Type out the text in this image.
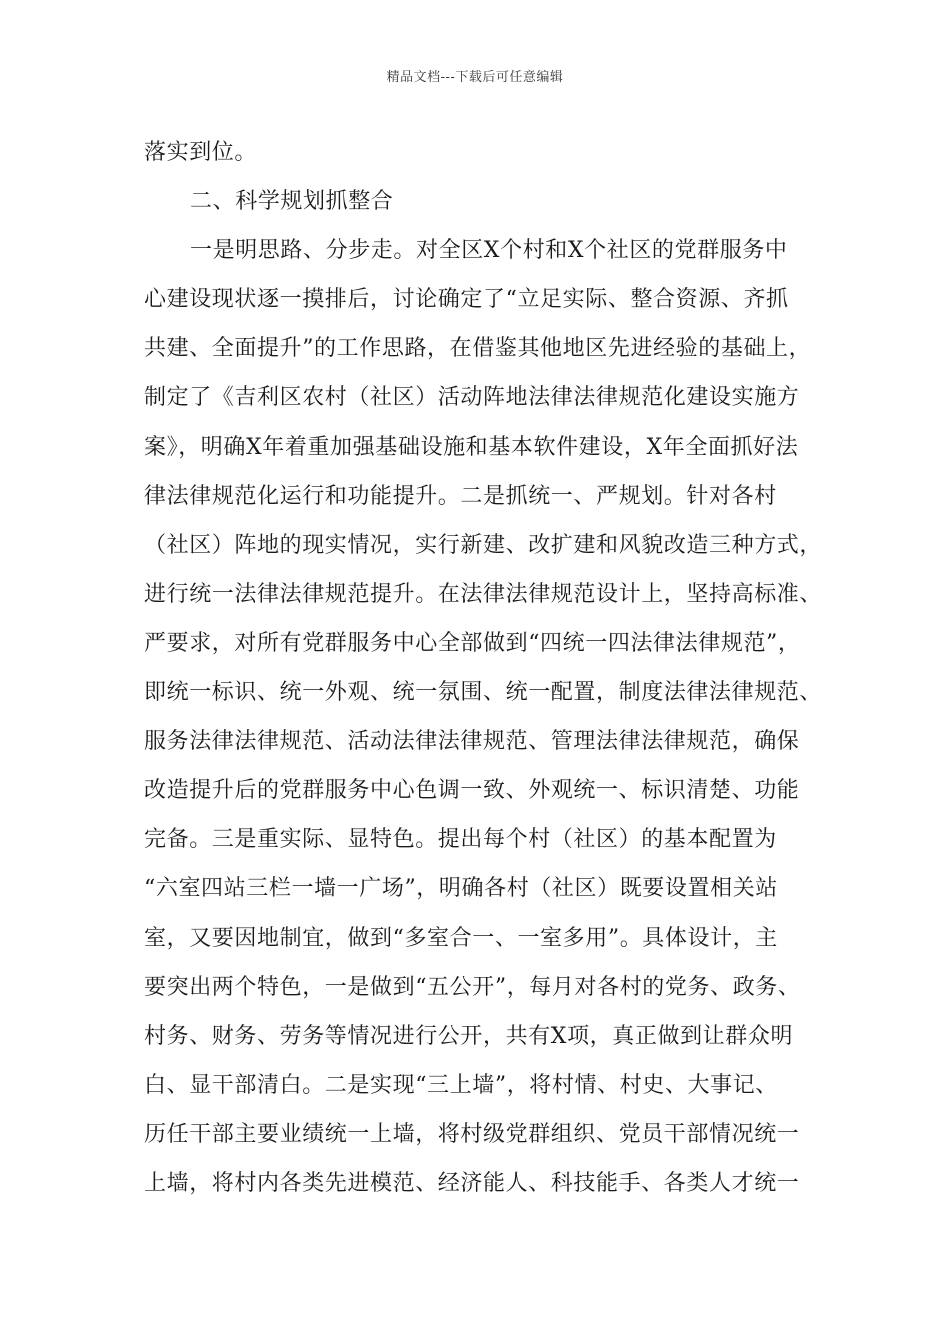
精品文档---下载后可任意编辑
落实到位。
二、科学规划抓整合
一是明思路、分步走。对全区X个村和X个社区的党群服务中
心建设现状逐一摸排后，讨论确定了“立足实际、整合资源、齐抓
共建、全面提升”的工作思路，在借鉴其他地区先进经验的基础上，
制定了《吉利区农村（社区）活动阵地法律法律规范化建设实施方
案》，明确X年着重加强基础设施和基本软件建设，X年全面抓好法
律法律规范化运行和功能提升。二是抓统一、严规划。针对各村
（社区）阵地的现实情况，实行新建、改扩建和风貌改造三种方式，
进行统一法律法律规范提升。在法律法律规范设计上，坚持高标准、
严要求，对所有党群服务中心全部做到“四统一四法律法律规范”，
即统一标识、统一外观、统一氛围、统一配置，制度法律法律规范、
服务法律法律规范、活动法律法律规范、管理法律法律规范，确保
改造提升后的党群服务中心色调一致、外观统一、标识清楚、功能
完备。三是重实际、显特色。提出每个村（社区）的基本配置为
“六室四站三栏一墙一广场”，明确各村（社区）既要设置相关站
室，又要因地制宜，做到“多室合一、一室多用”。具体设计，主
要突出两个特色，一是做到“五公开”，每月对各村的党务、政务、
村务、财务、劳务等情况进行公开，共有X项，真正做到让群众明
白、显干部清白。二是实现“三上墙”，将村情、村史、大事记、
历任干部主要业绩统一上墙，将村级党群组织、党员干部情况统一
上墙，将村内各类先进模范、经济能人、科技能手、各类人才统一
